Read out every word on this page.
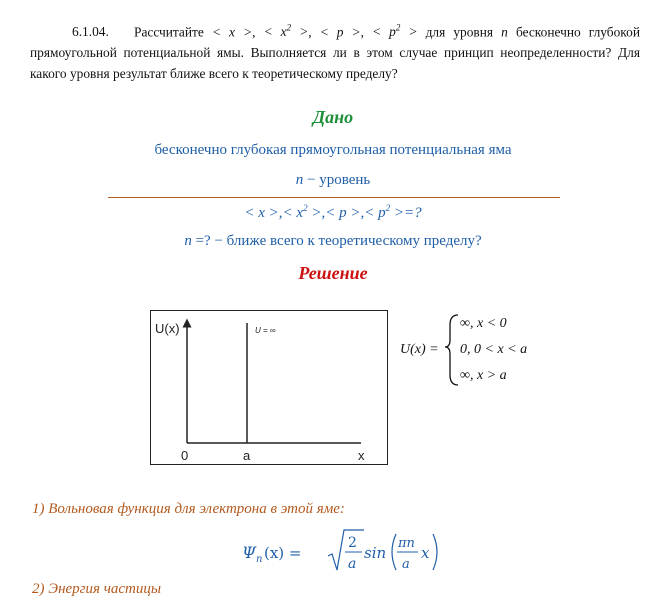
6.1.04. Рассчитайте < x >, < $x^2$ >, < p >, < $p^2$ > для уровня n бесконечно глубокой прямоугольной потенциальной ямы. Выполняется ли в этом случае принцип неопределенности? Для какого уровня результат ближе всего к теоретическому пределу?
Дано
бесконечно глубокая прямоугольная потенциальная яма
n − уровень
< x >,< $x^2$ >,< p >,< $p^2$ >=?
n =? − ближе всего к теоретическому пределу?
Решение
U(x)	U = ∞
0	a	x
U(x) =
∞, x < 0
0, 0 < x < a
∞, x > a
1) Вольновая функция для электрона в этой яме:
Ψ n (x) =
2
a
sin
πn
a
x
2) Энергия частицы
